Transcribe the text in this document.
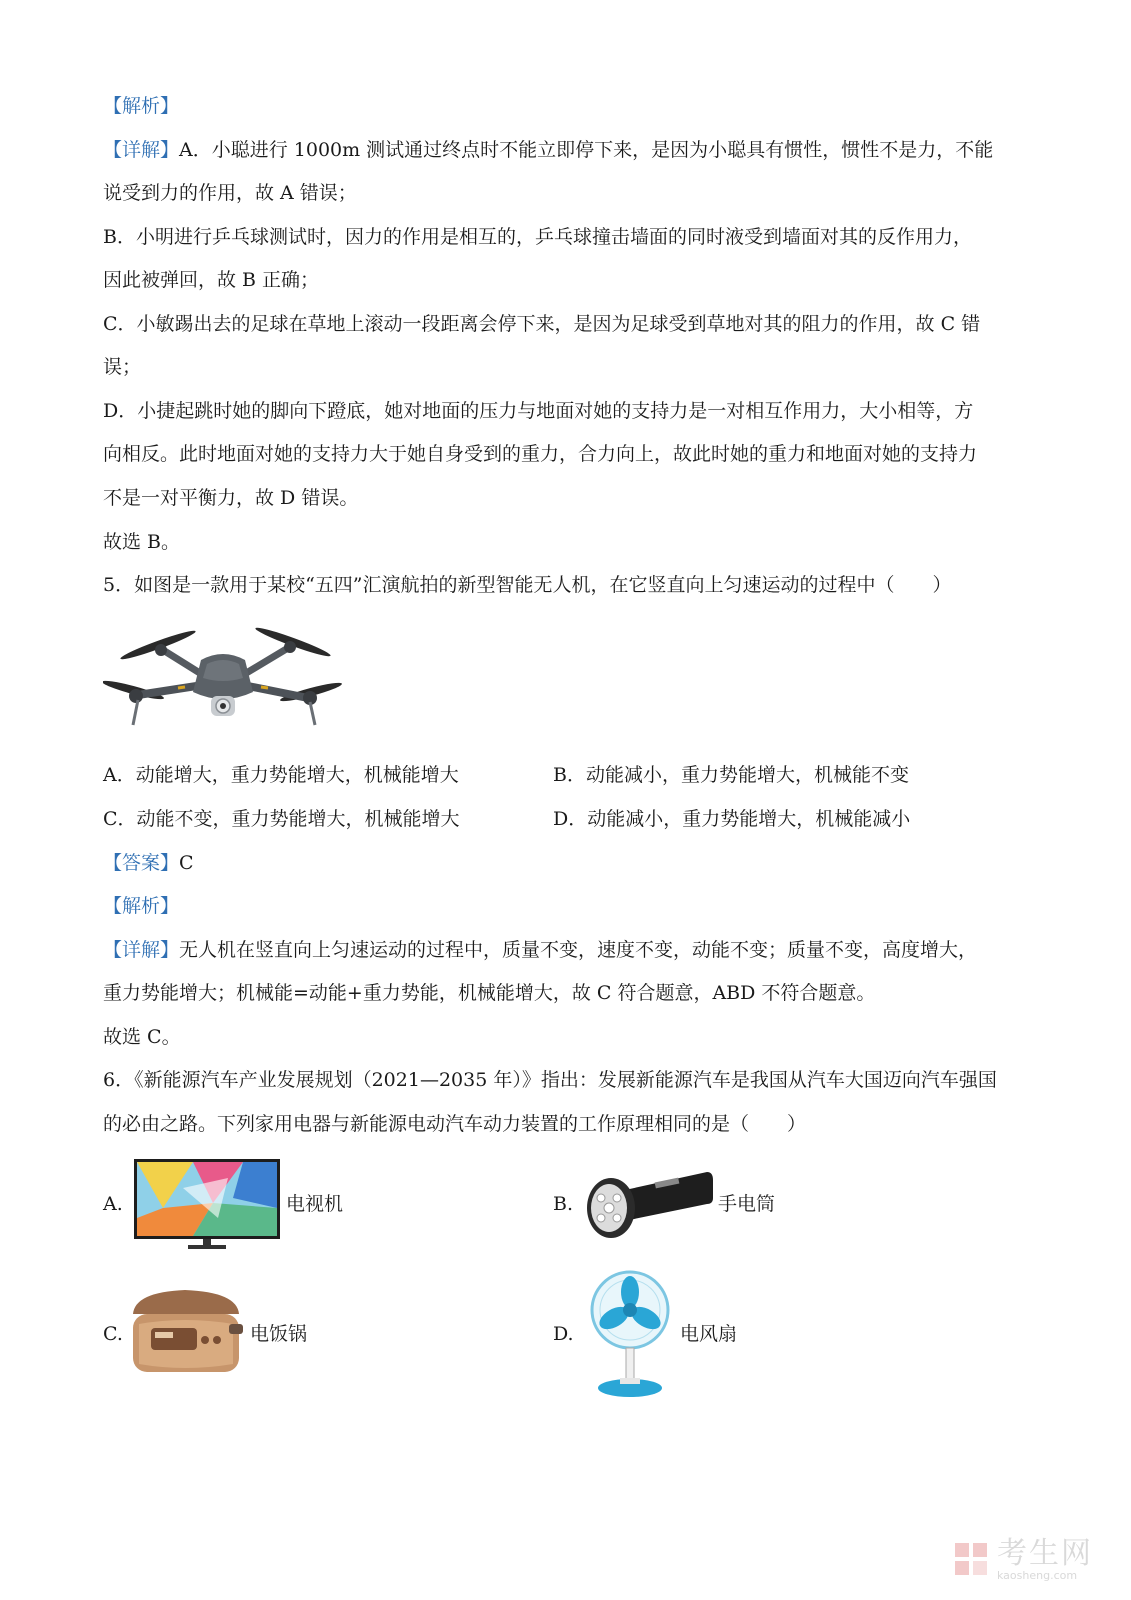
【解析】
【详解】A．小聪进行 1000m 测试通过终点时不能立即停下来，是因为小聪具有惯性，惯性不是力，不能
说受到力的作用，故 A 错误；
B．小明进行乒乓球测试时，因力的作用是相互的，乒乓球撞击墙面的同时液受到墙面对其的反作用力，
因此被弹回，故 B 正确；
C．小敏踢出去的足球在草地上滚动一段距离会停下来，是因为足球受到草地对其的阻力的作用，故 C 错
误；
D．小捷起跳时她的脚向下蹬底，她对地面的压力与地面对她的支持力是一对相互作用力，大小相等，方
向相反。此时地面对她的支持力大于她自身受到的重力，合力向上，故此时她的重力和地面对她的支持力
不是一对平衡力，故 D 错误。
故选 B。
5．如图是一款用于某校“五四”汇演航拍的新型智能无人机，在它竖直向上匀速运动的过程中（　　）
A．动能增大，重力势能增大，机械能增大	B．动能减小，重力势能增大，机械能不变
C．动能不变，重力势能增大，机械能增大	D．动能减小，重力势能增大，机械能减小
【答案】C
【解析】
【详解】无人机在竖直向上匀速运动的过程中，质量不变，速度不变，动能不变；质量不变，高度增大，
重力势能增大；机械能=动能+重力势能，机械能增大，故 C 符合题意，ABD 不符合题意。
故选 C。
6．《新能源汽车产业发展规划（2021—2035 年）》指出：发展新能源汽车是我国从汽车大国迈向汽车强国
的必由之路。下列家用电器与新能源电动汽车动力装置的工作原理相同的是（　　）
A.	电视机	B.	手电筒
C.	电饭锅	D.	电风扇
考生网
kaosheng.com
